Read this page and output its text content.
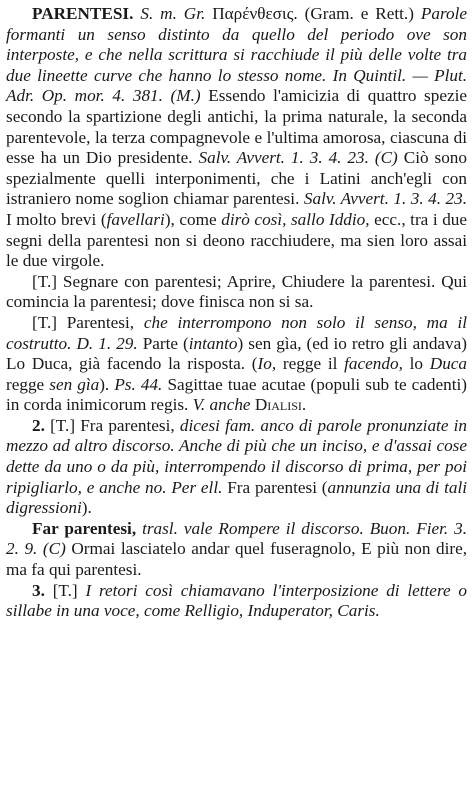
PARENTESI. S. m. Gr. Παρένθεσις. (Gram. e Rett.) Parole formanti un senso distinto da quello del periodo ove son interposte, e che nella scrittura si racchiude il più delle volte tra due lineette curve che hanno lo stesso nome. In Quintil. — Plut. Adr. Op. mor. 4. 381. (M.) Essendo l'amicizia di quattro spezie secondo la spartizione degli antichi, la prima naturale, la seconda parentevole, la terza compagnevole e l'ultima amorosa, ciascuna di esse ha un Dio presidente. Salv. Avvert. 1. 3. 4. 23. (C) Ciò sono spezialmente quelli interponimenti, che i Latini anch'egli con istraniero nome soglion chiamar parentesi. Salv. Avvert. 1. 3. 4. 23. I molto brevi (favellari), come dirò così, sallo Iddio, ecc., tra i due segni della parentesi non si deono racchiudere, ma sien loro assai le due virgole.

[T.] Segnare con parentesi; Aprire, Chiudere la parentesi. Qui comincia la parentesi; dove finisca non si sa.

[T.] Parentesi, che interrompono non solo il senso, ma il costrutto. D. 1. 29. Parte (intanto) sen gìa, (ed io retro gli andava) Lo Duca, già facendo la risposta. (Io, regge il facendo, lo Duca regge sen gìa). Ps. 44. Sagittae tuae acutae (populi sub te cadenti) in corda inimicorum regis. V. anche Dialisi.

2. [T.] Fra parentesi, dicesi fam. anco di parole pronunziate in mezzo ad altro discorso. Anche di più che un inciso, e d'assai cose dette da uno o da più, interrompendo il discorso di prima, per poi ripigliarlo, e anche no. Per ell. Fra parentesi (annunzia una di tali digressioni).

Far parentesi, trasl. vale Rompere il discorso. Buon. Fier. 3. 2. 9. (C) Ormai lasciatelo andar quel fuseragnolo, E più non dire, ma fa qui parentesi.

3. [T.] I retori così chiamavano l'interposizione di lettere o sillabe in una voce, come Relligio, Induperator, Caris.
